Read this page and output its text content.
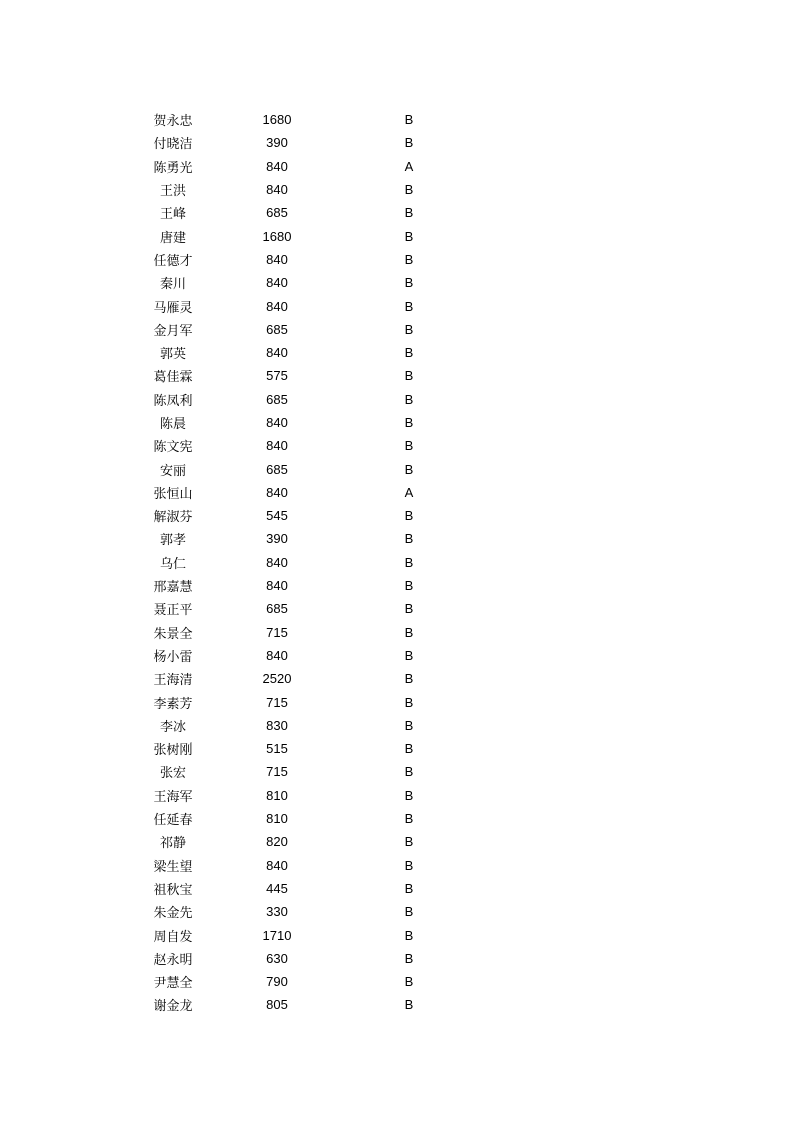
贺永忠	1680	B
付晓洁	390	B
陈勇光	840	A
王洪	840	B
王峰	685	B
唐建	1680	B
任德才	840	B
秦川	840	B
马雁灵	840	B
金月军	685	B
郭英	840	B
葛佳霖	575	B
陈凤利	685	B
陈晨	840	B
陈文宪	840	B
安丽	685	B
张恒山	840	A
解淑芬	545	B
郭孝	390	B
乌仁	840	B
邢嘉慧	840	B
聂正平	685	B
朱景全	715	B
杨小雷	840	B
王海清	2520	B
李素芳	715	B
李冰	830	B
张树刚	515	B
张宏	715	B
王海军	810	B
任延春	810	B
祁静	820	B
梁生望	840	B
祖秋宝	445	B
朱金先	330	B
周自发	1710	B
赵永明	630	B
尹慧全	790	B
谢金龙	805	B
